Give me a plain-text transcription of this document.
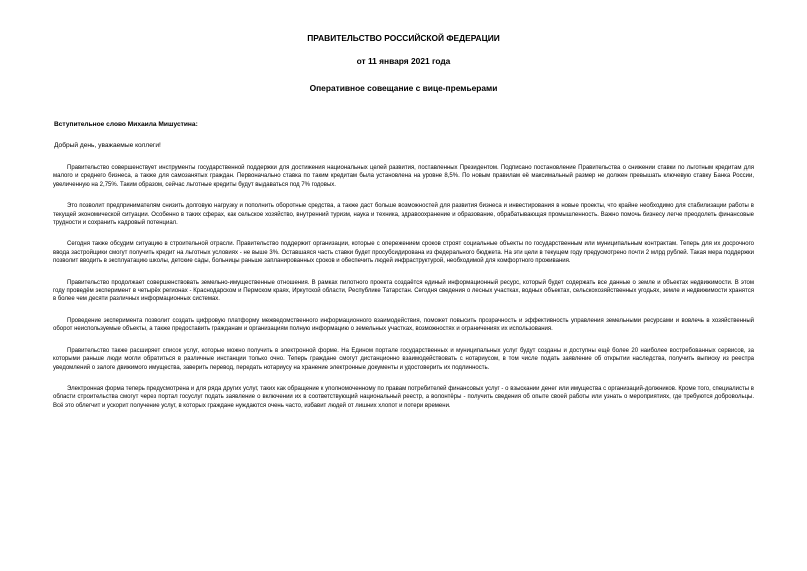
ПРАВИТЕЛЬСТВО РОССИЙСКОЙ ФЕДЕРАЦИИ

от 11 января 2021 года

Оперативное совещание с вице-премьерами

Вступительное слово Михаила Мишустина:

Добрый день, уважаемые коллеги!

Правительство совершенствует инструменты государственной поддержки для достижения национальных целей развития, поставленных Президентом. Подписано постановление Правительства о снижении ставки по льготным кредитам для малого и среднего бизнеса, а также для самозанятых граждан. Первоначально ставка по таким кредитам была установлена на уровне 8,5%. По новым правилам её максимальный размер не должен превышать ключевую ставку Банка России, увеличенную на 2,75%. Таким образом, сейчас льготные кредиты будут выдаваться под 7% годовых.

Это позволит предпринимателям снизить долговую нагрузку и пополнить оборотные средства, а также даст больше возможностей для развития бизнеса и инвестирования в новые проекты, что крайне необходимо для стабилизации работы в текущей экономической ситуации. Особенно в таких сферах, как сельское хозяйство, внутренний туризм, наука и техника, здравоохранение и образование, обрабатывающая промышленность. Важно помочь бизнесу легче преодолеть финансовые трудности и сохранить кадровый потенциал.

Сегодня также обсудим ситуацию в строительной отрасли. Правительство поддержит организации, которые с опережением сроков строят социальные объекты по государственным или муниципальным контрактам. Теперь для их досрочного ввода застройщики смогут получить кредит на льготных условиях - не выше 3%. Оставшаяся часть ставки будет просубсидирована из федерального бюджета. На эти цели в текущем году предусмотрено почти 2 млрд рублей. Такая мера поддержки позволит вводить в эксплуатацию школы, детские сады, больницы раньше запланированных сроков и обеспечить людей инфраструктурой, необходимой для комфортного проживания.

Правительство продолжает совершенствовать земельно-имущественные отношения. В рамках пилотного проекта создаётся единый информационный ресурс, который будет содержать все данные о земле и объектах недвижимости. В этом году проведём эксперимент в четырёх регионах - Краснодарском и Пермском краях, Иркутской области, Республике Татарстан. Сегодня сведения о лесных участках, водных объектах, сельскохозяйственных угодьях, земле и недвижимости хранятся в более чем десяти различных информационных системах.

Проведение эксперимента позволит создать цифровую платформу межведомственного информационного взаимодействия, поможет повысить прозрачность и эффективность управления земельными ресурсами и вовлечь в хозяйственный оборот неиспользуемые объекты, а также предоставить гражданам и организациям полную информацию о земельных участках, возможностях и ограничениях их использования.

Правительство также расширяет список услуг, которые можно получить в электронной форме. На Едином портале государственных и муниципальных услуг будут созданы и доступны ещё более 20 наиболее востребованных сервисов, за которыми раньше люди могли обратиться в различные инстанции только очно. Теперь граждане смогут дистанционно взаимодействовать с нотариусом, в том числе подать заявление об открытии наследства, получить выписку из реестра уведомлений о залоге движимого имущества, заверить перевод, передать нотариусу на хранение электронные документы и удостоверить их подлинность.

Электронная форма теперь предусмотрена и для ряда других услуг, таких как обращение к уполномоченному по правам потребителей финансовых услуг - о взыскании денег или имущества с организаций-должников. Кроме того, специалисты в области строительства смогут через портал госуслуг подать заявление о включении их в соответствующий национальный реестр, а волонтёры - получить сведения об опыте своей работы или узнать о мероприятиях, где требуются добровольцы. Всё это облегчит и ускорит получение услуг, в которых граждане нуждаются очень часто, избавит людей от лишних хлопот и потери времени.
